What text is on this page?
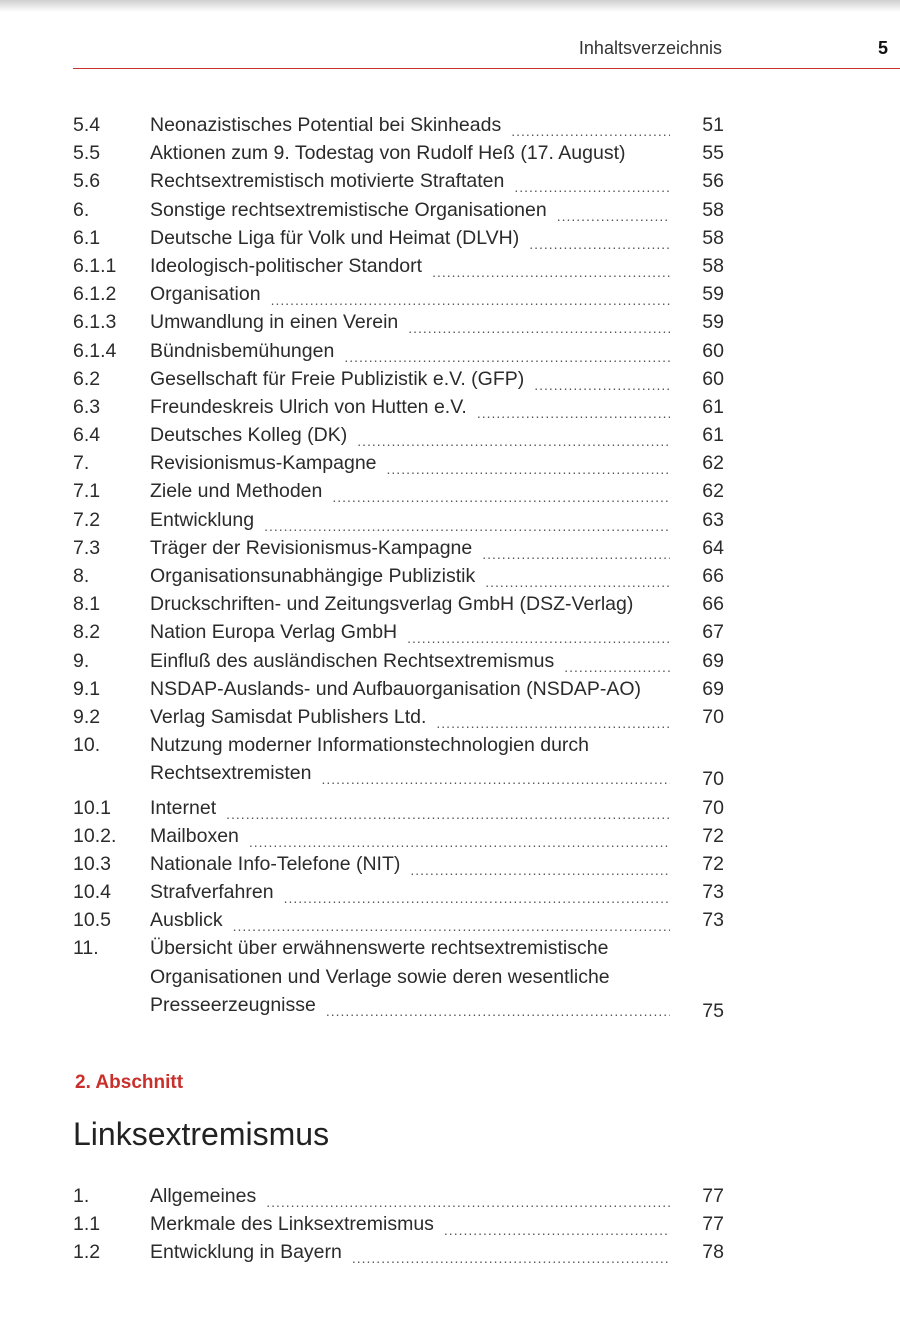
Inhaltsverzeichnis	5
5.4	Neonazistisches Potential bei Skinheads .....	51
5.5	Aktionen zum 9. Todestag von Rudolf Heß (17. August)	55
5.6	Rechtsextremistisch motivierte Straftaten .....	56
6.	Sonstige rechtsextremistische Organisationen .....	58
6.1	Deutsche Liga für Volk und Heimat (DLVH) .....	58
6.1.1 Ideologisch-politischer Standort .....	58
6.1.2 Organisation .....	59
6.1.3 Umwandlung in einen Verein .....	59
6.1.4 Bündnisbemühungen .....	60
6.2	Gesellschaft für Freie Publizistik e.V. (GFP) .....	60
6.3	Freundeskreis Ulrich von Hutten e.V. .....	61
6.4	Deutsches Kolleg (DK) .....	61
7.	Revisionismus-Kampagne .....	62
7.1	Ziele und Methoden .....	62
7.2	Entwicklung .....	63
7.3	Träger der Revisionismus-Kampagne .....	64
8.	Organisationsunabhängige Publizistik .....	66
8.1	Druckschriften- und Zeitungsverlag GmbH (DSZ-Verlag)	66
8.2	Nation Europa Verlag GmbH .....	67
9.	Einfluß des ausländischen Rechtsextremismus .....	69
9.1	NSDAP-Auslands- und Aufbauorganisation (NSDAP-AO)	69
9.2	Verlag Samisdat Publishers Ltd. .....	70
10.	Nutzung moderner Informationstechnologien durch
Rechtsextremisten .....	70
10.1 Internet .....	70
10.2. Mailboxen .....	72
10.3 Nationale Info-Telefone (NIT) .....	72
10.4 Strafverfahren .....	73
10.5 Ausblick .....	73
11.	Übersicht über erwähnenswerte rechtsextremistische
Organisationen und Verlage sowie deren wesentliche
Presseerzeugnisse .....	75
2. Abschnitt
Linksextremismus
1.	Allgemeines .....	77
1.1	Merkmale des Linksextremismus .....	77
1.2	Entwicklung in Bayern .....	78
